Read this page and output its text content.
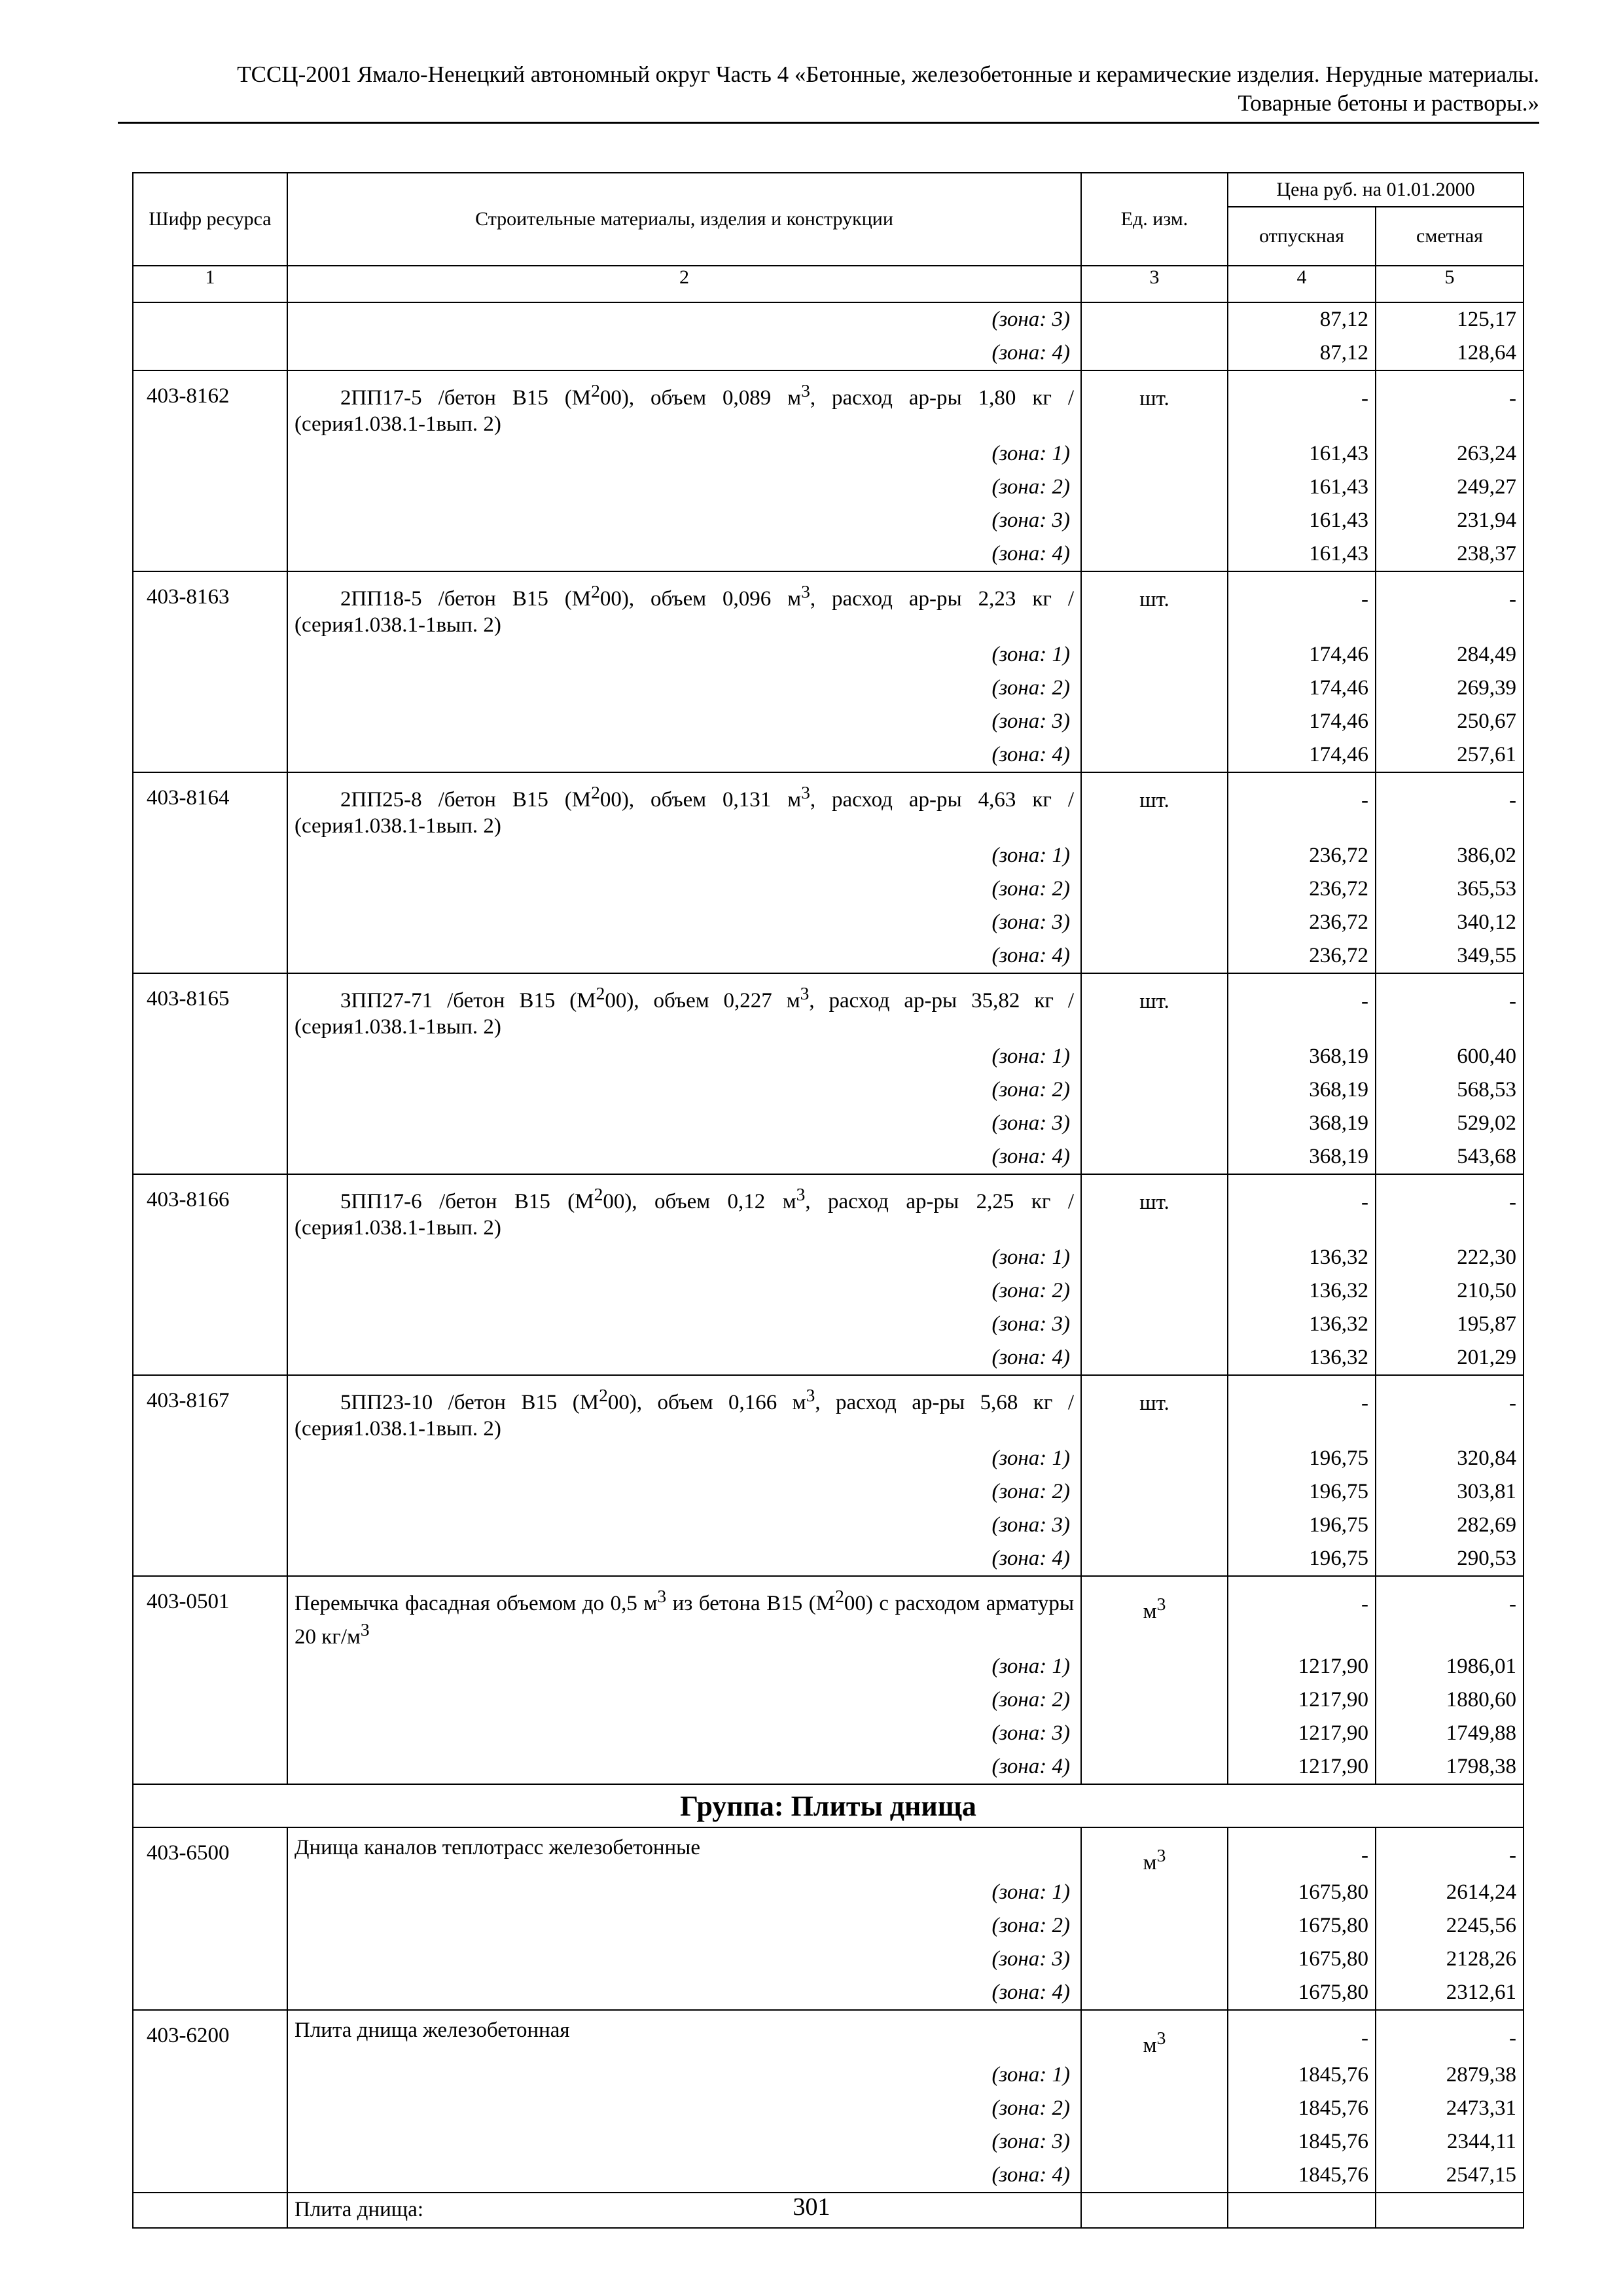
ТССЦ-2001 Ямало-Ненецкий автономный округ Часть 4 «Бетонные, железобетонные и керамические изделия. Нерудные материалы.
Товарные бетоны и растворы.»
Шифр ресурса	Строительные материалы, изделия и конструкции	Ед. изм.	Цена руб. на 01.01.2000	
			отпускная	сметная
1	2	3	4	5
	(зона: 3)		87,12	125,17
	(зона: 4)		87,12	128,64
403-8162	2ПП17-5 /бетон В15 $(М^200)$, объем 0,089 $м^3$, расход ар-ры 1,80 кг / (серия1.038.1-1вып. 2)	шт.	-	-
	(зона: 1)		161,43	263,24
	(зона: 2)		161,43	249,27
	(зона: 3)		161,43	231,94
	(зона: 4)		161,43	238,37
403-8163	2ПП18-5 /бетон В15 $(М^200)$, объем 0,096 $м^3$, расход ар-ры 2,23 кг / (серия1.038.1-1вып. 2)	шт.	-	-
	(зона: 1)		174,46	284,49
	(зона: 2)		174,46	269,39
	(зона: 3)		174,46	250,67
	(зона: 4)		174,46	257,61
403-8164	2ПП25-8 /бетон В15 $(М^200)$, объем 0,131 $м^3$, расход ар-ры 4,63 кг / (серия1.038.1-1вып. 2)	шт.	-	-
	(зона: 1)		236,72	386,02
	(зона: 2)		236,72	365,53
	(зона: 3)		236,72	340,12
	(зона: 4)		236,72	349,55
403-8165	3ПП27-71 /бетон В15 $(М^200)$, объем 0,227 $м^3$, расход ар-ры 35,82 кг / (серия1.038.1-1вып. 2)	шт.	-	-
	(зона: 1)		368,19	600,40
	(зона: 2)		368,19	568,53
	(зона: 3)		368,19	529,02
	(зона: 4)		368,19	543,68
403-8166	5ПП17-6 /бетон В15 $(М^200)$, объем 0,12 $м^3$, расход ар-ры 2,25 кг / (серия1.038.1-1вып. 2)	шт.	-	-
	(зона: 1)		136,32	222,30
	(зона: 2)		136,32	210,50
	(зона: 3)		136,32	195,87
	(зона: 4)		136,32	201,29
403-8167	5ПП23-10 /бетон В15 $(М^200)$, объем 0,166 $м^3$, расход ар-ры 5,68 кг / (серия1.038.1-1вып. 2)	шт.	-	-
	(зона: 1)		196,75	320,84
	(зона: 2)		196,75	303,81
	(зона: 3)		196,75	282,69
	(зона: 4)		196,75	290,53
403-0501	Перемычка фасадная объемом до 0,5 $м^3$ из бетона В15 $(М^200)$ с расходом арматуры 20 $кг/м^3$	$м^3$	-	-
	(зона: 1)		1217,90	1986,01
	(зона: 2)		1217,90	1880,60
	(зона: 3)		1217,90	1749,88
	(зона: 4)		1217,90	1798,38
Группа: Плиты днища				
403-6500	Днища каналов теплотрасс железобетонные	$м^3$	-	-
	(зона: 1)		1675,80	2614,24
	(зона: 2)		1675,80	2245,56
	(зона: 3)		1675,80	2128,26
	(зона: 4)		1675,80	2312,61
403-6200	Плита днища железобетонная	$м^3$	-	-
	(зона: 1)		1845,76	2879,38
	(зона: 2)		1845,76	2473,31
	(зона: 3)		1845,76	2344,11
	(зона: 4)		1845,76	2547,15
	Плита днища:				301
